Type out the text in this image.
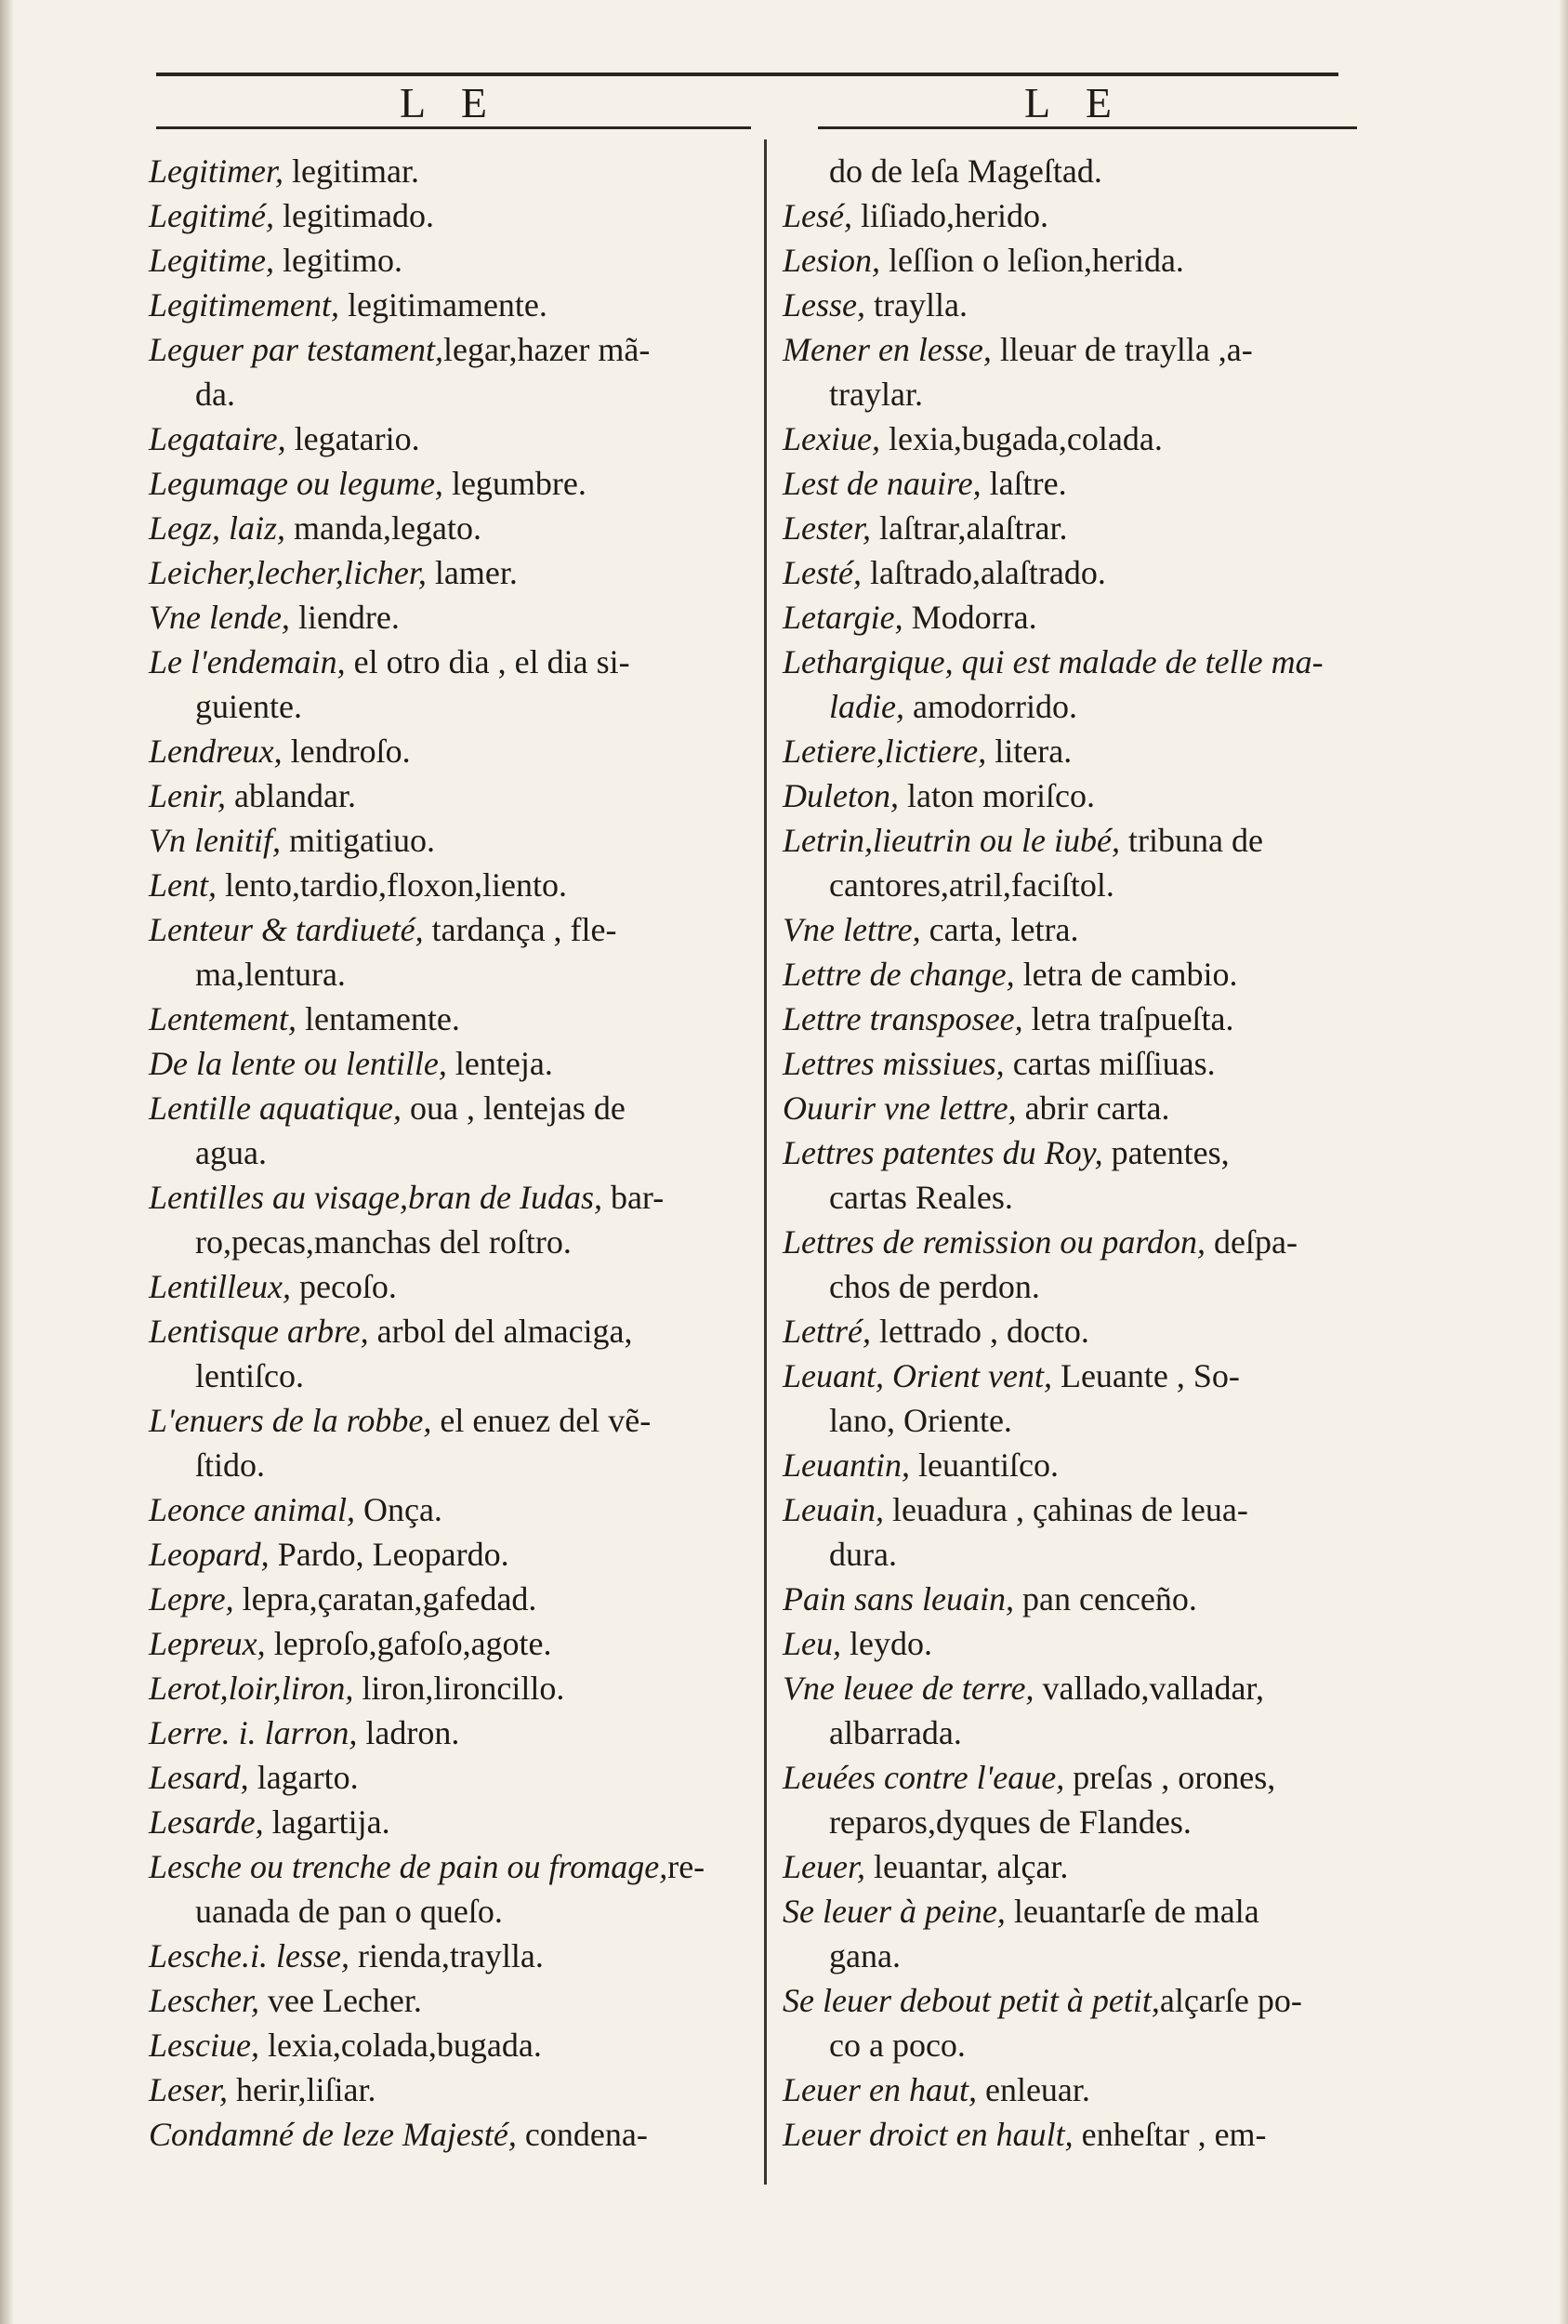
L E	L E

Legitimer, legitimar.

Legitimé, legitimado.

Legitime, legitimo.

Legitimement, legitimamente.

Leguer par testament,legar,hazer mã-
da.

Legataire, legatario.

Legumage ou legume, legumbre.

Legz, laiz, manda,legato.

Leicher,lecher,licher, lamer.

Vne lende, liendre.

Le l'endemain, el otro dia , el dia si-
guiente.

Lendreux, lendroſo.

Lenir, ablandar.

Vn lenitif, mitigatiuo.

Lent, lento,tardio,floxon,liento.

Lenteur & tardiueté, tardança , fle-
ma,lentura.

Lentement, lentamente.

De la lente ou lentille, lenteja.

Lentille aquatique, oua , lentejas de
agua.

Lentilles au visage,bran de Iudas, bar-
ro,pecas,manchas del roſtro.

Lentilleux, pecoſo.

Lentisque arbre, arbol del almaciga,
lentiſco.

L'enuers de la robbe, el enuez del vẽ-
ſtido.

Leonce animal, Onça.

Leopard, Pardo, Leopardo.

Lepre, lepra,çaratan,gafedad.

Lepreux, leproſo,gafoſo,agote.

Lerot,loir,liron, liron,lironcillo.

Lerre. i. larron, ladron.

Lesard, lagarto.

Lesarde, lagartija.

Lesche ou trenche de pain ou fromage,re-
uanada de pan o queſo.

Lesche.i. lesse, rienda,traylla.

Lescher, vee Lecher.

Lesciue, lexia,colada,bugada.

Leser, herir,liſiar.

Condamné de leze Majesté, condena-

do de leſa Mageſtad.

Lesé, liſiado,herido.

Lesion, leſſion o leſion,herida.

Lesse, traylla.

Mener en lesse, lleuar de traylla ,a-
traylar.

Lexiue, lexia,bugada,colada.

Lest de nauire, laſtre.

Lester, laſtrar,alaſtrar.

Lesté, laſtrado,alaſtrado.

Letargie, Modorra.

Lethargique, qui est malade de telle ma-
ladie, amodorrido.

Letiere,lictiere, litera.

Duleton, laton moriſco.

Letrin,lieutrin ou le iubé, tribuna de
cantores,atril,faciſtol.

Vne lettre, carta, letra.

Lettre de change, letra de cambio.

Lettre transposee, letra traſpueſta.

Lettres missiues, cartas miſſiuas.

Ouurir vne lettre, abrir carta.

Lettres patentes du Roy, patentes,
cartas Reales.

Lettres de remission ou pardon, deſpa-
chos de perdon.

Lettré, lettrado , docto.

Leuant, Orient vent, Leuante , So-
lano, Oriente.

Leuantin, leuantiſco.

Leuain, leuadura , çahinas de leua-
dura.

Pain sans leuain, pan cenceño.

Leu, leydo.

Vne leuee de terre, vallado,valladar,
albarrada.

Leuées contre l'eaue, preſas , orones,
reparos,dyques de Flandes.

Leuer, leuantar, alçar.

Se leuer à peine, leuantarſe de mala
gana.

Se leuer debout petit à petit,alçarſe po-
co a poco.

Leuer en haut, enleuar.

Leuer droict en hault, enheſtar , em-
